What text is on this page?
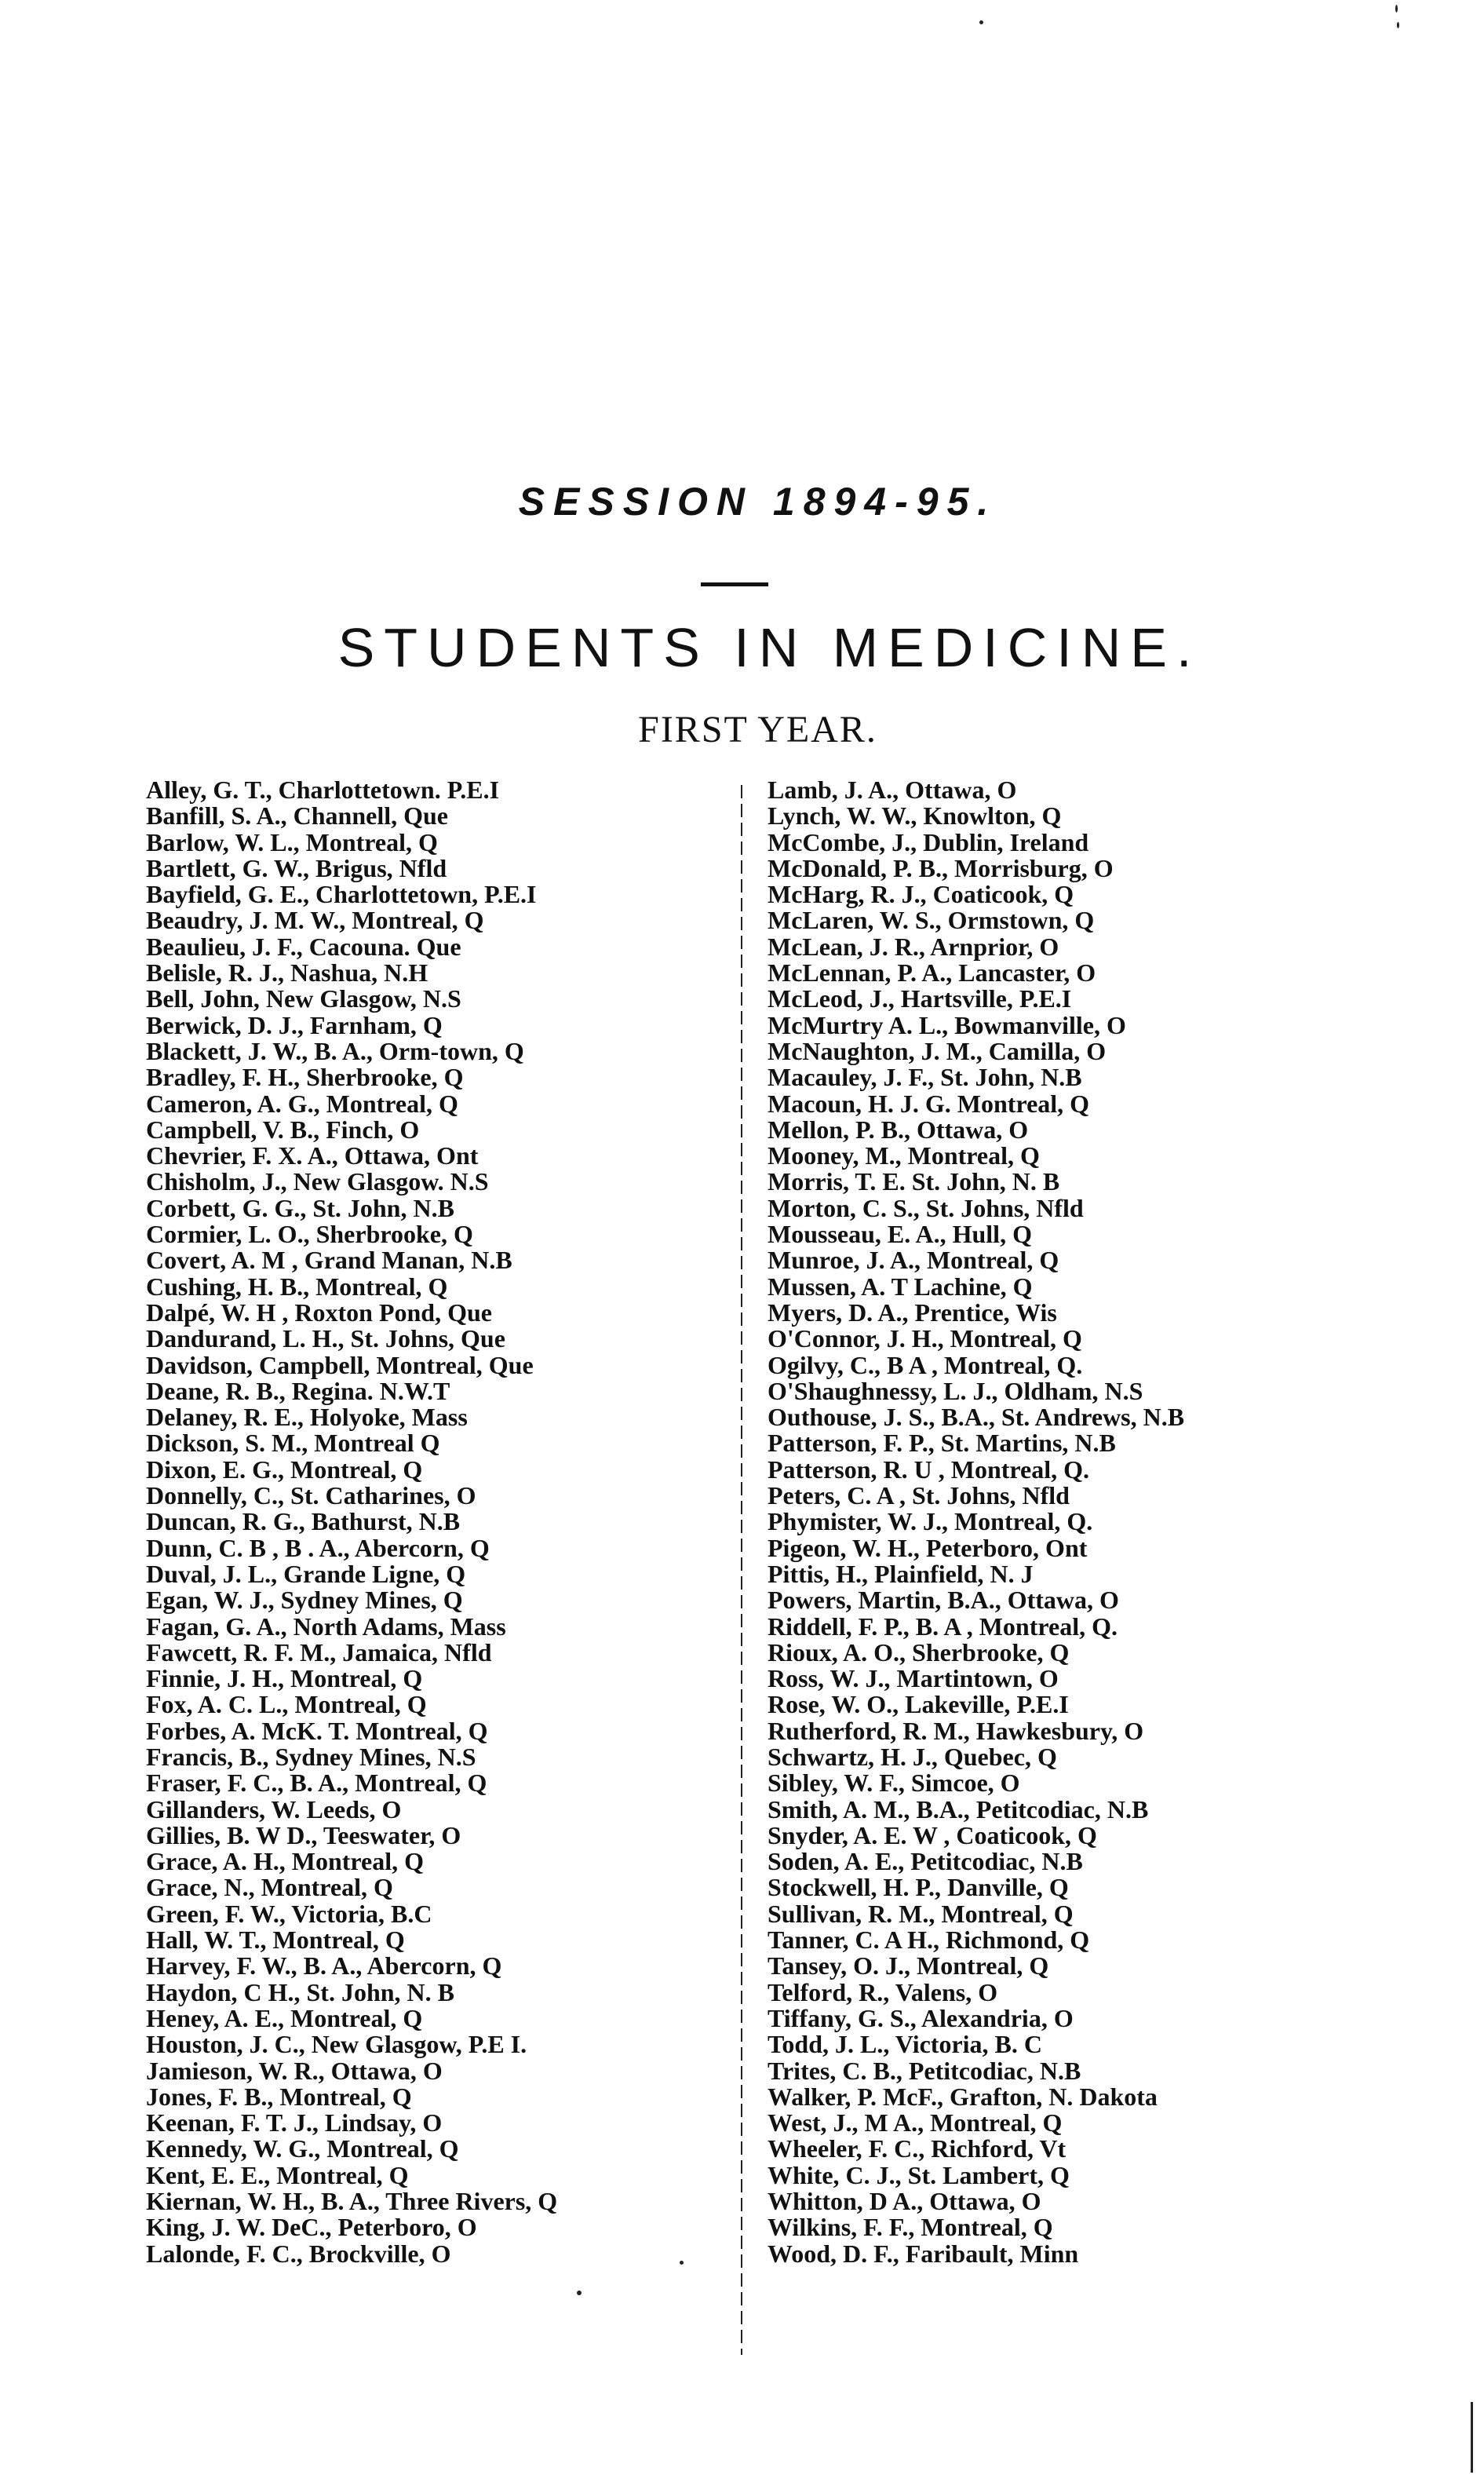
SESSION 1894-95.
STUDENTS IN MEDICINE.
FIRST YEAR.
Alley, G. T., Charlottetown. P.E.I
Banfill, S. A., Channell, Que
Barlow, W. L., Montreal, Q
Bartlett, G. W., Brigus, Nfld
Bayfield, G. E., Charlottetown, P.E.I
Beaudry, J. M. W., Montreal, Q
Beaulieu, J. F., Cacouna. Que
Belisle, R. J., Nashua, N.H
Bell, John, New Glasgow, N.S
Berwick, D. J., Farnham, Q
Blackett, J. W., B. A., Orm-town, Q
Bradley, F. H., Sherbrooke, Q
Cameron, A. G., Montreal, Q
Campbell, V. B., Finch, O
Chevrier, F. X. A., Ottawa, Ont
Chisholm, J., New Glasgow. N.S
Corbett, G. G., St. John, N.B
Cormier, L. O., Sherbrooke, Q
Covert, A. M , Grand Manan, N.B
Cushing, H. B., Montreal, Q
Dalpé, W. H , Roxton Pond, Que
Dandurand, L. H., St. Johns, Que
Davidson, Campbell, Montreal, Que
Deane, R. B., Regina. N.W.T
Delaney, R. E., Holyoke, Mass
Dickson, S. M., Montreal Q
Dixon, E. G., Montreal, Q
Donnelly, C., St. Catharines, O
Duncan, R. G., Bathurst, N.B
Dunn, C. B , B . A., Abercorn, Q
Duval, J. L., Grande Ligne, Q
Egan, W. J., Sydney Mines, Q
Fagan, G. A., North Adams, Mass
Fawcett, R. F. M., Jamaica, Nfld
Finnie, J. H., Montreal, Q
Fox, A. C. L., Montreal, Q
Forbes, A. McK. T. Montreal, Q
Francis, B., Sydney Mines, N.S
Fraser, F. C., B. A., Montreal, Q
Gillanders, W. Leeds, O
Gillies, B. W D., Teeswater, O
Grace, A. H., Montreal, Q
Grace, N., Montreal, Q
Green, F. W., Victoria, B.C
Hall, W. T., Montreal, Q
Harvey, F. W., B. A., Abercorn, Q
Haydon, C H., St. John, N. B
Heney, A. E., Montreal, Q
Houston, J. C., New Glasgow, P.E I.
Jamieson, W. R., Ottawa, O
Jones, F. B., Montreal, Q
Keenan, F. T. J., Lindsay, O
Kennedy, W. G., Montreal, Q
Kent, E. E., Montreal, Q
Kiernan, W. H., B. A., Three Rivers, Q
King, J. W. DeC., Peterboro, O
Lalonde, F. C., Brockville, O
Lamb, J. A., Ottawa, O
Lynch, W. W., Knowlton, Q
McCombe, J., Dublin, Ireland
McDonald, P. B., Morrisburg, O
McHarg, R. J., Coaticook, Q
McLaren, W. S., Ormstown, Q
McLean, J. R., Arnprior, O
McLennan, P. A., Lancaster, O
McLeod, J., Hartsville, P.E.I
McMurtry A. L., Bowmanville, O
McNaughton, J. M., Camilla, O
Macauley, J. F., St. John, N.B
Macoun, H. J. G. Montreal, Q
Mellon, P. B., Ottawa, O
Mooney, M., Montreal, Q
Morris, T. E. St. John, N. B
Morton, C. S., St. Johns, Nfld
Mousseau, E. A., Hull, Q
Munroe, J. A., Montreal, Q
Mussen, A. T Lachine, Q
Myers, D. A., Prentice, Wis
O'Connor, J. H., Montreal, Q
Ogilvy, C., B A , Montreal, Q.
O'Shaughnessy, L. J., Oldham, N.S
Outhouse, J. S., B.A., St. Andrews, N.B
Patterson, F. P., St. Martins, N.B
Patterson, R. U , Montreal, Q.
Peters, C. A , St. Johns, Nfld
Phymister, W. J., Montreal, Q.
Pigeon, W. H., Peterboro, Ont
Pittis, H., Plainfield, N. J
Powers, Martin, B.A., Ottawa, O
Riddell, F. P., B. A , Montreal, Q.
Rioux, A. O., Sherbrooke, Q
Ross, W. J., Martintown, O
Rose, W. O., Lakeville, P.E.I
Rutherford, R. M., Hawkesbury, O
Schwartz, H. J., Quebec, Q
Sibley, W. F., Simcoe, O
Smith, A. M., B.A., Petitcodiac, N.B
Snyder, A. E. W , Coaticook, Q
Soden, A. E., Petitcodiac, N.B
Stockwell, H. P., Danville, Q
Sullivan, R. M., Montreal, Q
Tanner, C. A H., Richmond, Q
Tansey, O. J., Montreal, Q
Telford, R., Valens, O
Tiffany, G. S., Alexandria, O
Todd, J. L., Victoria, B. C
Trites, C. B., Petitcodiac, N.B
Walker, P. McF., Grafton, N. Dakota
West, J., M A., Montreal, Q
Wheeler, F. C., Richford, Vt
White, C. J., St. Lambert, Q
Whitton, D A., Ottawa, O
Wilkins, F. F., Montreal, Q
Wood, D. F., Faribault, Minn
